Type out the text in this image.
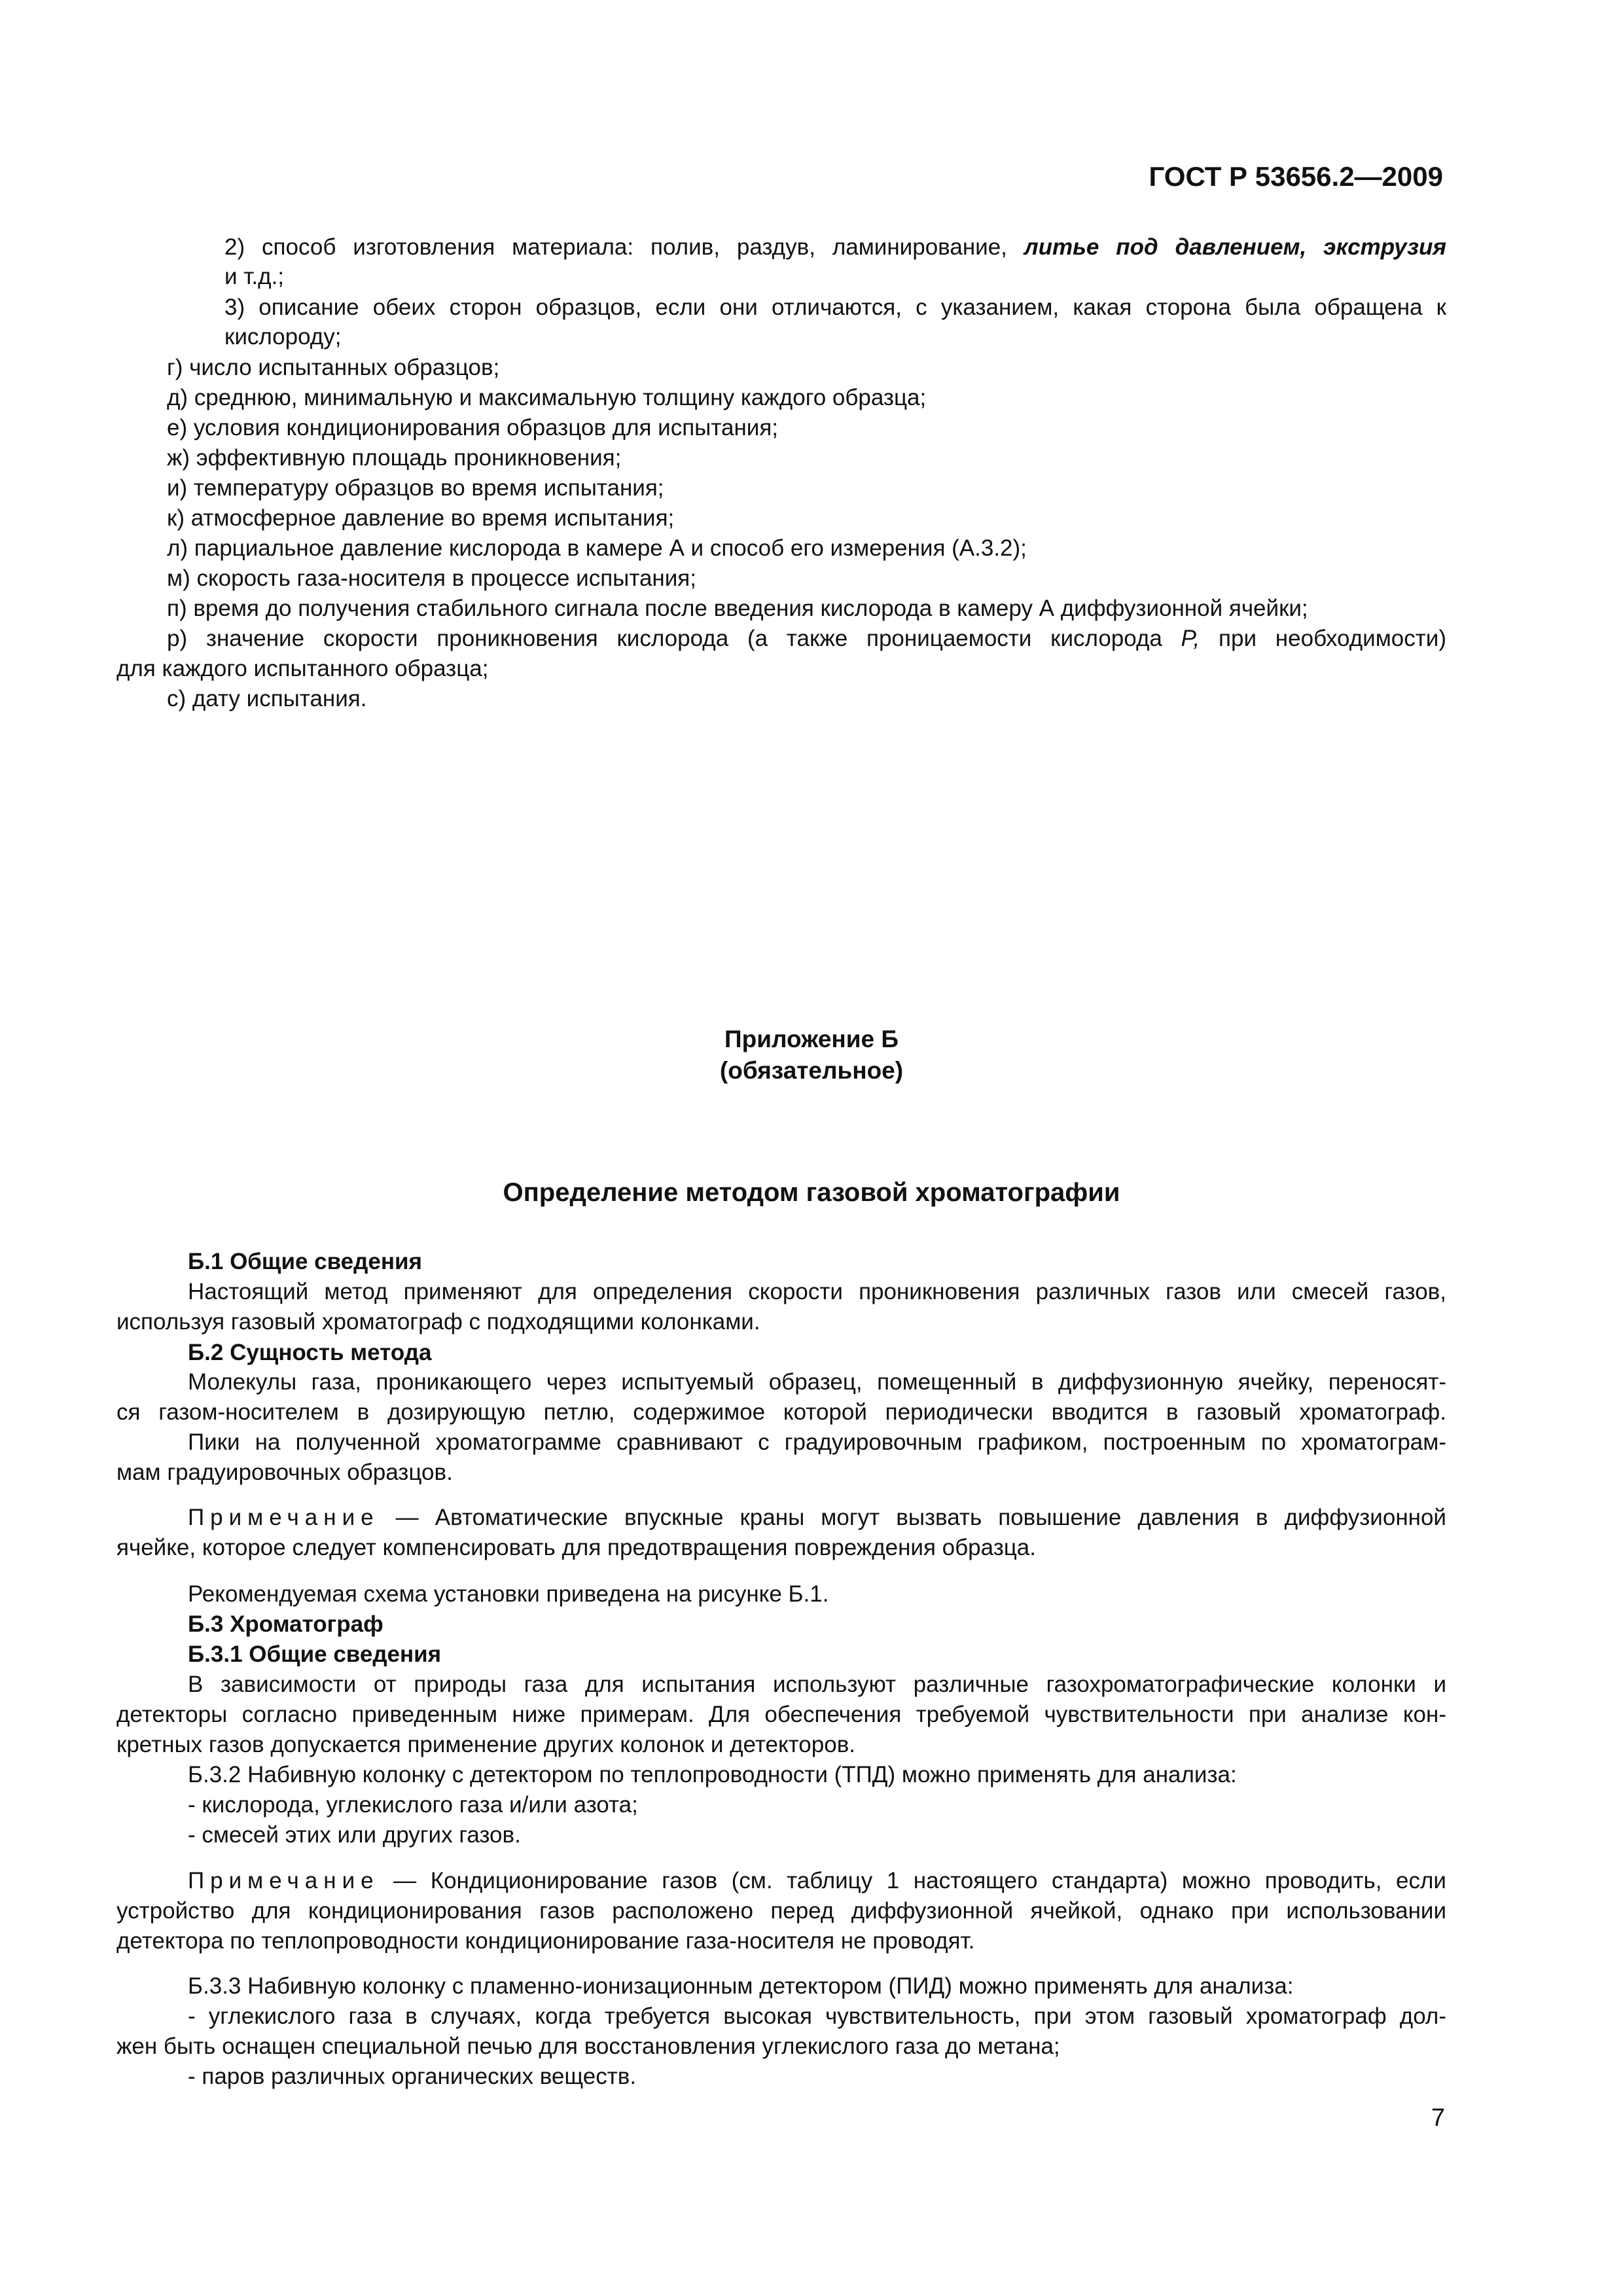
ГОСТ Р 53656.2—2009
2) способ изготовления материала: полив, раздув, ламинирование, литье под давлением, экструзия
и т.д.;
3) описание обеих сторон образцов, если они отличаются, с указанием, какая сторона была обращена к
кислороду;
г) число испытанных образцов;
д) среднюю, минимальную и максимальную толщину каждого образца;
е) условия кондиционирования образцов для испытания;
ж) эффективную площадь проникновения;
и) температуру образцов во время испытания;
к) атмосферное давление во время испытания;
л) парциальное давление кислорода в камере А и способ его измерения (А.3.2);
м) скорость газа-носителя в процессе испытания;
п) время до получения стабильного сигнала после введения кислорода в камеру А диффузионной ячейки;
р) значение скорости проникновения кислорода (а также проницаемости кислорода P, при необходимости)
для каждого испытанного образца;
с) дату испытания.
Приложение Б
(обязательное)
Определение методом газовой хроматографии
Б.1 Общие сведения
Настоящий метод применяют для определения скорости проникновения различных газов или смесей газов,
используя газовый хроматограф с подходящими колонками.
Б.2 Сущность метода
Молекулы газа, проникающего через испытуемый образец, помещенный в диффузионную ячейку, переносят-
ся газом-носителем в дозирующую петлю, содержимое которой периодически вводится в газовый хроматограф.
Пики на полученной хроматограмме сравнивают с градуировочным графиком, построенным по хроматограм-
мам градуировочных образцов.
Примечание — Автоматические впускные краны могут вызвать повышение давления в диффузионной
ячейке, которое следует компенсировать для предотвращения повреждения образца.
Рекомендуемая схема установки приведена на рисунке Б.1.
Б.3 Хроматограф
Б.3.1 Общие сведения
В зависимости от природы газа для испытания используют различные газохроматографические колонки и
детекторы согласно приведенным ниже примерам. Для обеспечения требуемой чувствительности при анализе кон-
кретных газов допускается применение других колонок и детекторов.
Б.3.2 Набивную колонку с детектором по теплопроводности (ТПД) можно применять для анализа:
- кислорода, углекислого газа и/или азота;
- смесей этих или других газов.
Примечание — Кондиционирование газов (см. таблицу 1 настоящего стандарта) можно проводить, если
устройство для кондиционирования газов расположено перед диффузионной ячейкой, однако при использовании
детектора по теплопроводности кондиционирование газа-носителя не проводят.
Б.3.3 Набивную колонку с пламенно-ионизационным детектором (ПИД) можно применять для анализа:
- углекислого газа в случаях, когда требуется высокая чувствительность, при этом газовый хроматограф дол-
жен быть оснащен специальной печью для восстановления углекислого газа до метана;
- паров различных органических веществ.
7
